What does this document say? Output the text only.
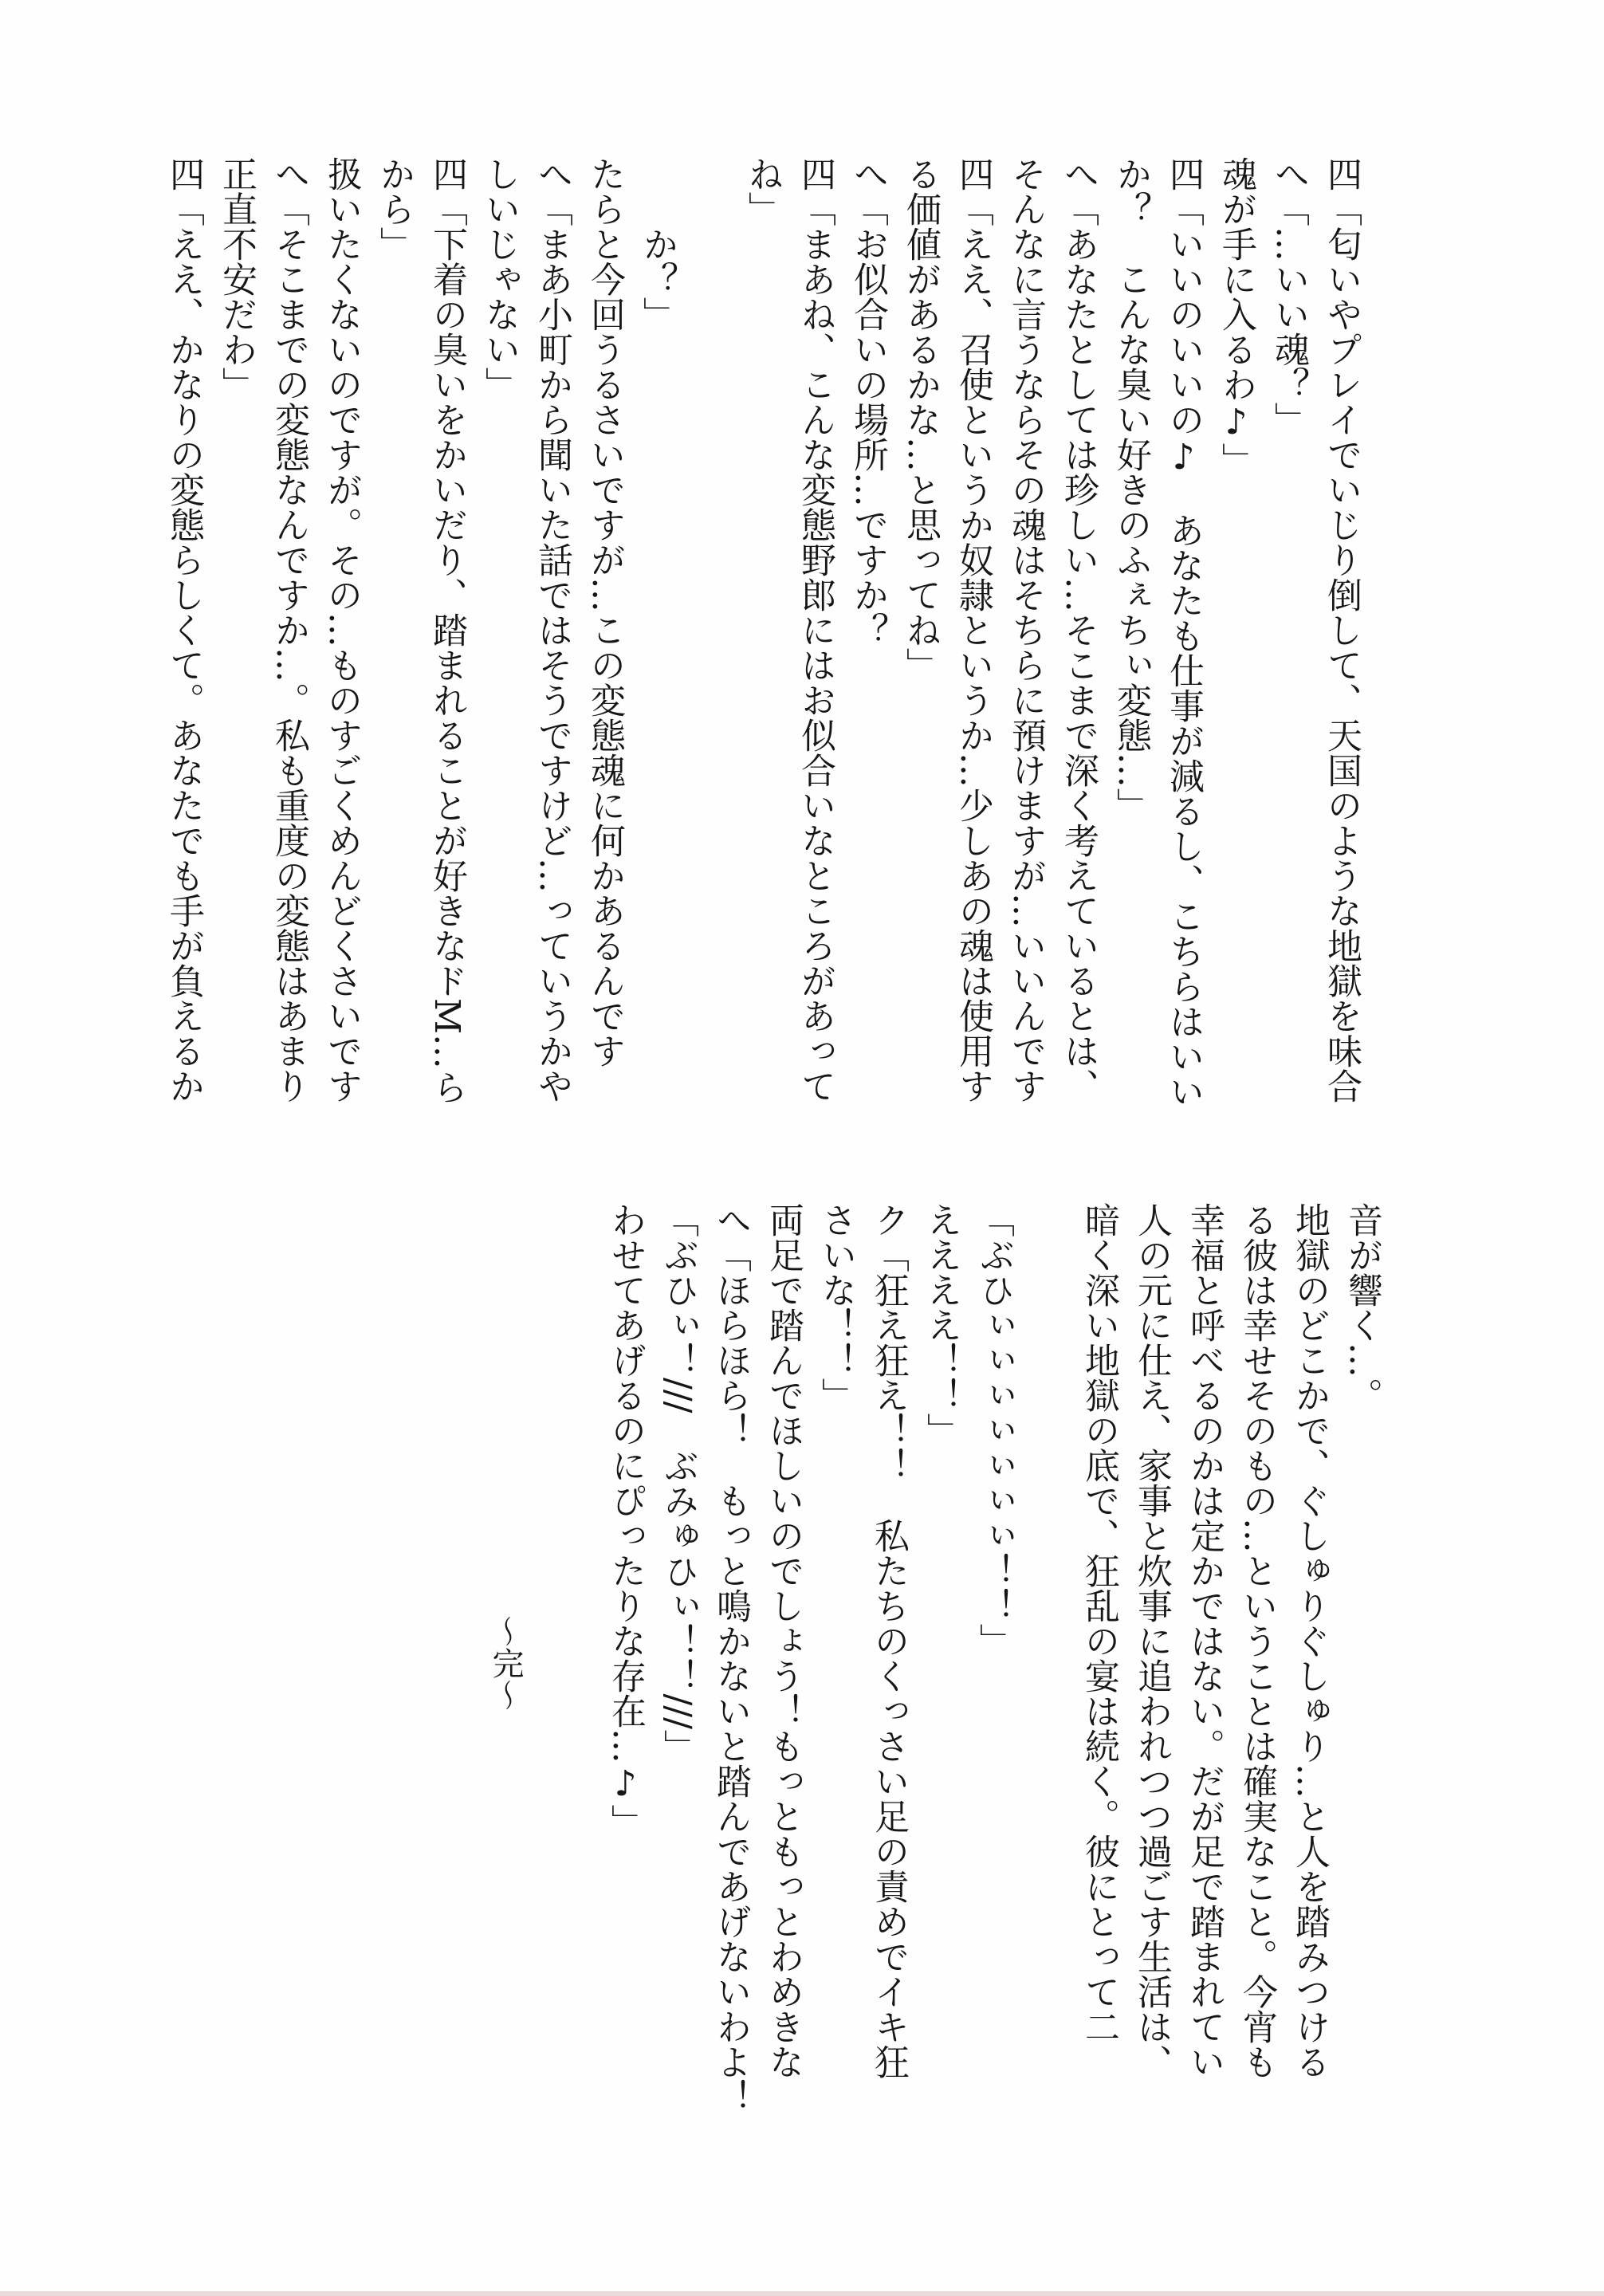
四「匂いやプレイでいじり倒して、天国のような地獄を味合
へ「…いい魂？」
魂が手に入るわ♪」
四「いいのいいの♪　あなたも仕事が減るし、こちらはいい
か？　こんな臭い好きのふぇちぃ変態…」
へ「あなたとしては珍しい…そこまで深く考えているとは、
そんなに言うならその魂はそちらに預けますが…いいんです
四「ええ、召使というか奴隷というか…少しあの魂は使用す
る価値があるかな…と思ってね」
へ「お似合いの場所…ですか？
四「まあね、こんな変態野郎にはお似合いなところがあって
ね」
　　か？」
たらと今回うるさいですが…この変態魂に何かあるんです
へ「まあ小町から聞いた話ではそうですけど…っていうかや
しいじゃない」
四「下着の臭いをかいだり、踏まれることが好きなドM…ら
から」
扱いたくないのですが。その…ものすごくめんどくさいです
へ「そこまでの変態なんですか…。私も重度の変態はあまり
正直不安だわ」
四「ええ、かなりの変態らしくて。あなたでも手が負えるか
音が響く…。
地獄のどこかで、ぐしゅりぐしゅり…と人を踏みつける
る彼は幸せそのもの…ということは確実なこと。今宵も
幸福と呼べるのかは定かではない。だが足で踏まれてい
人の元に仕え、家事と炊事に追われつつ過ごす生活は、
暗く深い地獄の底で、狂乱の宴は続く。彼にとって二
「ぶひぃぃぃぃぃぃぃ！！」
ええええ！！」
ク「狂え狂え！！　私たちのくっさい足の責めでイキ狂
さいな！！」
両足で踏んでほしいのでしょう！もっともっとわめきな
へ「ほらほら！　もっと鳴かないと踏んであげないわよ！
「ぶひぃ！///　ぶみゅひぃ！！///」
わせてあげるのにぴったりな存在…♪」
〜完〜
